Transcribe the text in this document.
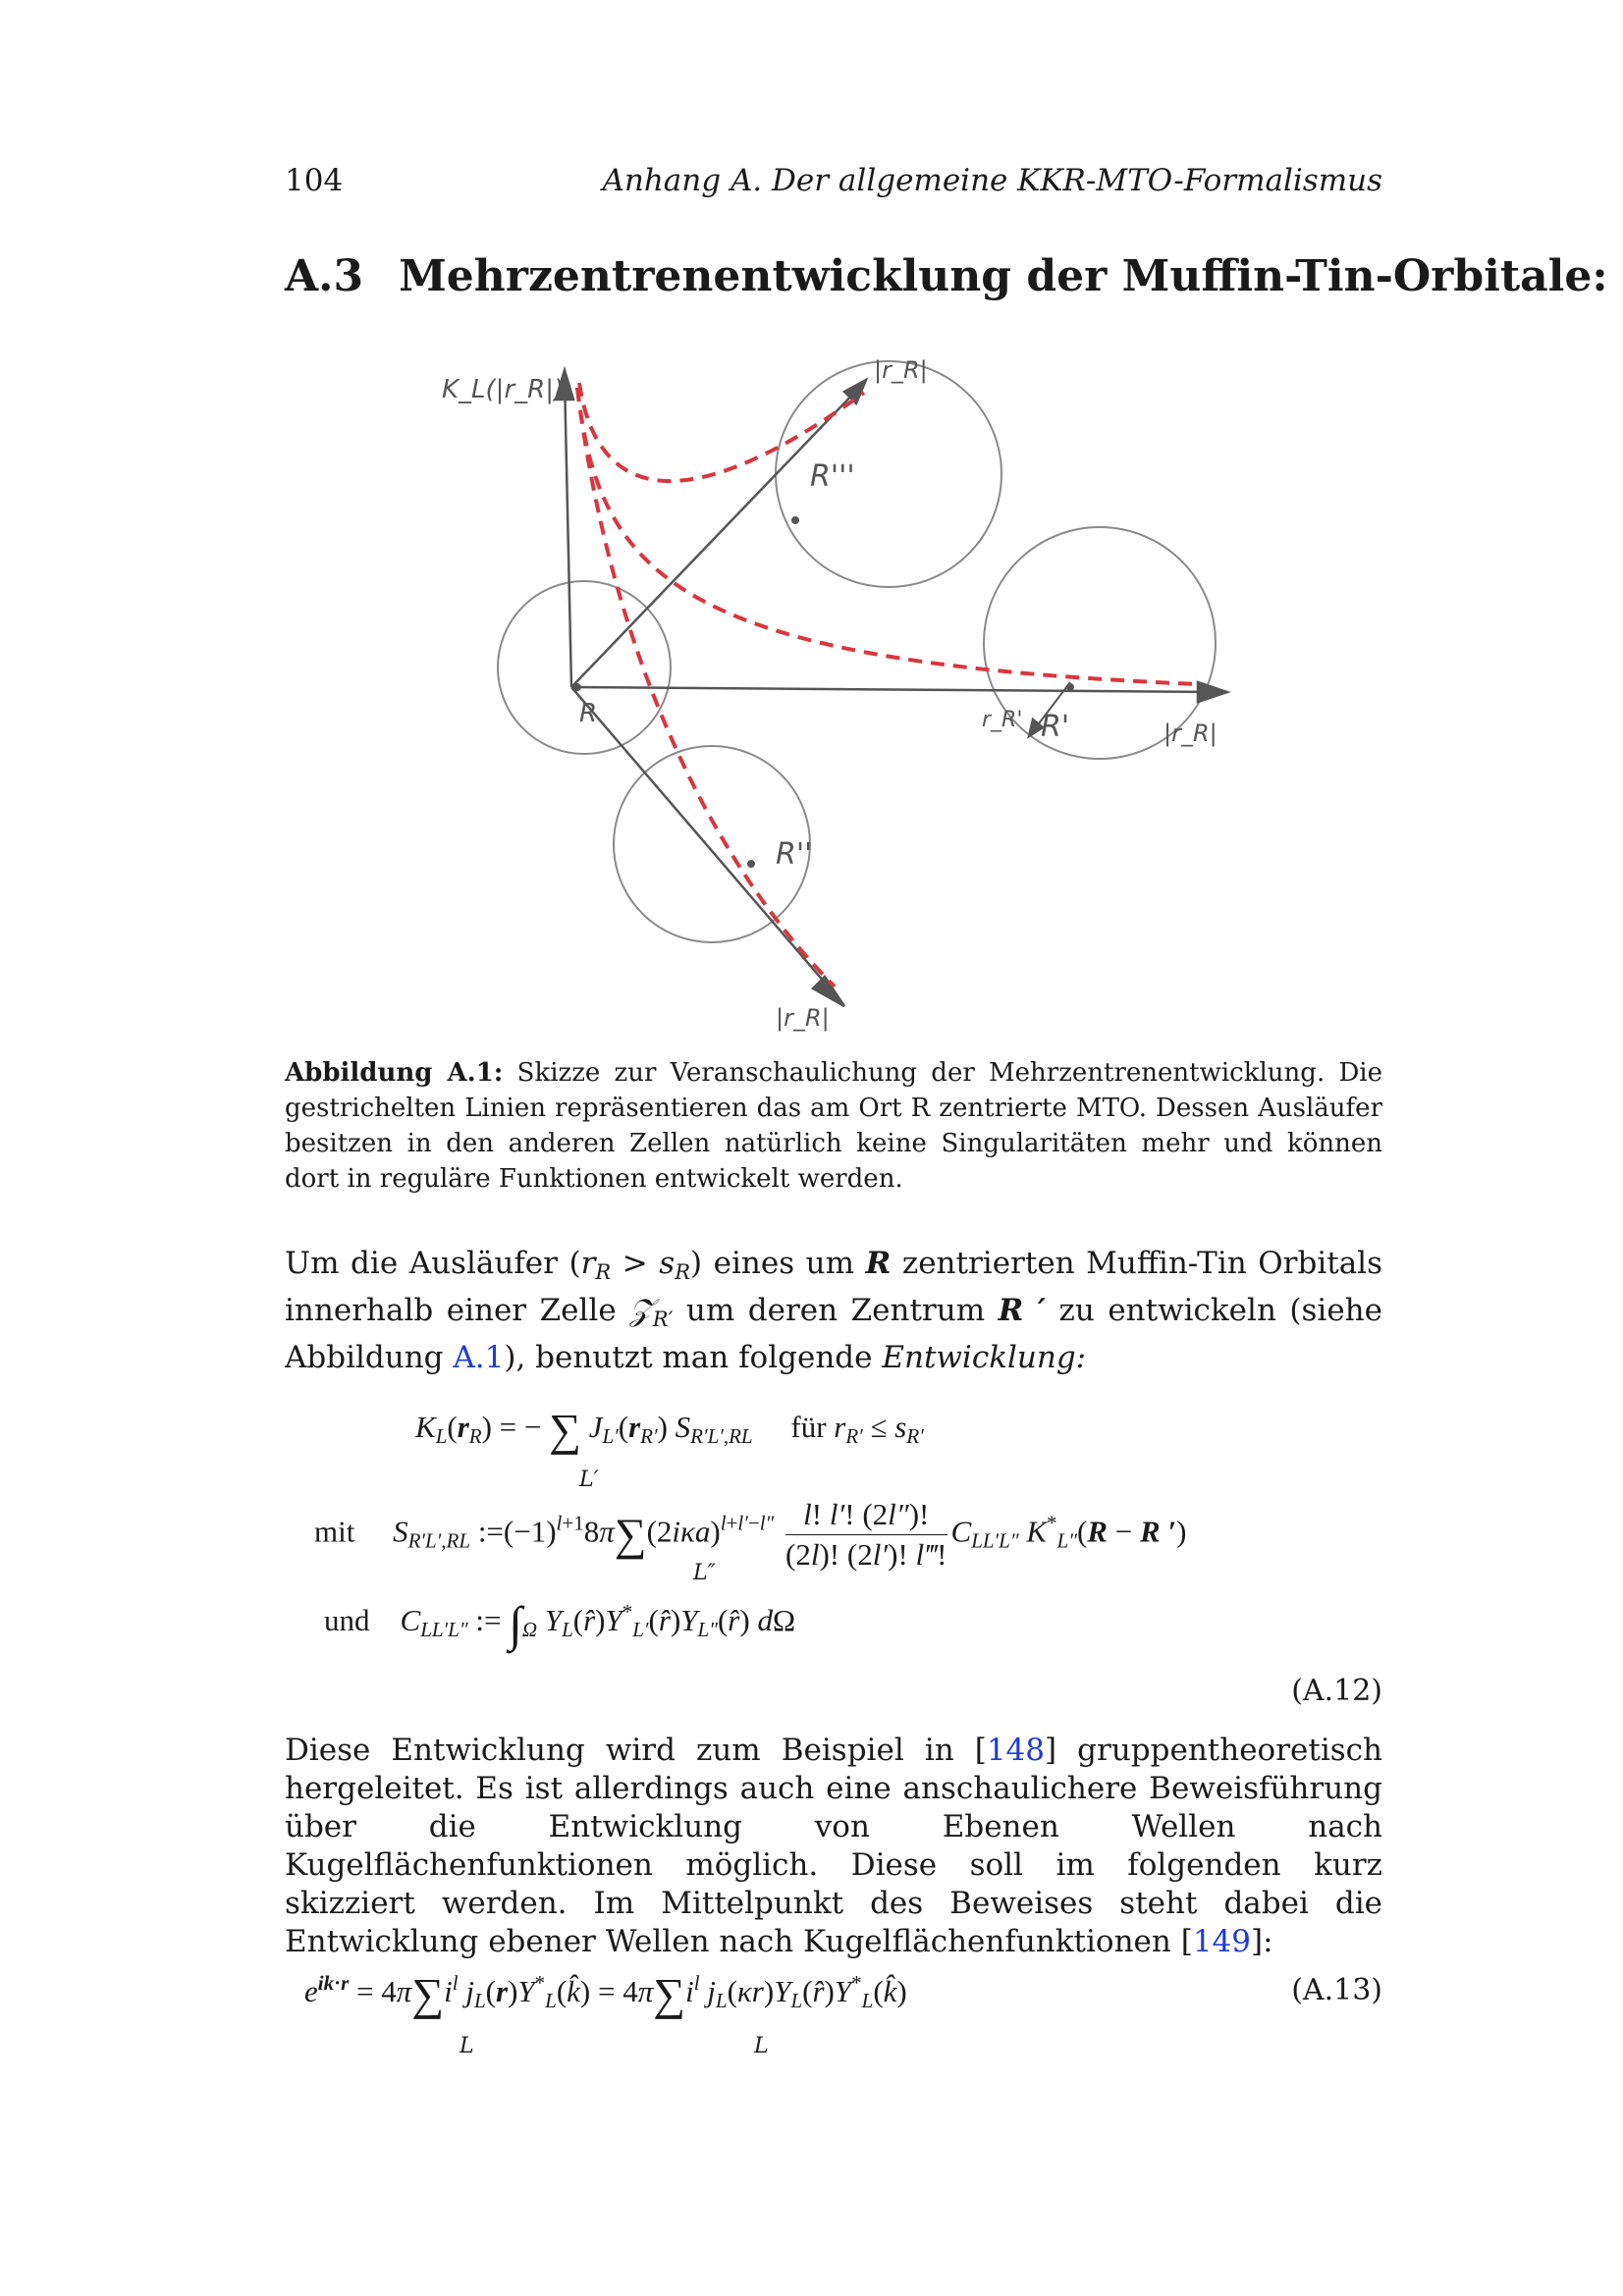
104	Anhang A. Der allgemeine KKR-MTO-Formalismus
A.3 Mehrzentrenentwicklung der Muffin-Tin-Orbitale:
K_L(|r_R|)
|r_R|
|r_R|
|r_R|
r_R'
R	R'
R''
R'''
Abbildung A.1: Skizze zur Veranschaulichung der Mehrzentrenentwicklung. Die gestrichelten Linien repräsentieren das am Ort R zentrierte MTO. Dessen Ausläufer besitzen in den anderen Zellen natürlich keine Singularitäten mehr und können dort in reguläre Funktionen entwickelt werden.
Um die Ausläufer $(r_R > s_R)$ eines um R zentrierten Muffin-Tin Orbitals innerhalb einer Zelle 𝒵$_{R'}$ um deren Zentrum R ′ zu entwickeln (siehe Abbildung A.1), benutzt man folgende Entwicklung:
$K_L(r_R)$ = − ∑ $J_{L'}(r_{R'})$ $S_{R'L',RL}$ für $r_{R'} \le s_{R'}$
L′
mit $S_{R'L',RL}$ $:=(-1)^{l+1}8\pi\sum(2i\kappa a)^{l+l'-l''} \frac{l! l'! (2l'')!}{(2l)! (2l')! l‴!} C_{LL'L''}$ $K^*_{L''}(R - R$ ′)
L″
und $C_{LL'L''}$ := $\int_\Omega$ $Y_L(r̂)Y^*_{L'}(r̂)Y_{L''}(r̂)$ dΩ
(A.12)
Diese Entwicklung wird zum Beispiel in [148] gruppentheoretisch hergeleitet. Es ist allerdings auch eine anschaulichere Beweisführung über die Entwicklung von Ebenen Wellen nach Kugelflächenfunktionen möglich. Diese soll im folgenden kurz skizziert werden. Im Mittelpunkt des Beweises steht dabei die Entwicklung ebener Wellen nach Kugelflächenfunktionen [149]:
$e^{ik\cdot r} = 4\pi\sum i^l$ $j_L(r)Y^*_L(k̂) = 4\pi\sum i^l$ $j_L(\kappa r)Y_L(r̂)Y^*_L(k̂)$
L	L
(A.13)
